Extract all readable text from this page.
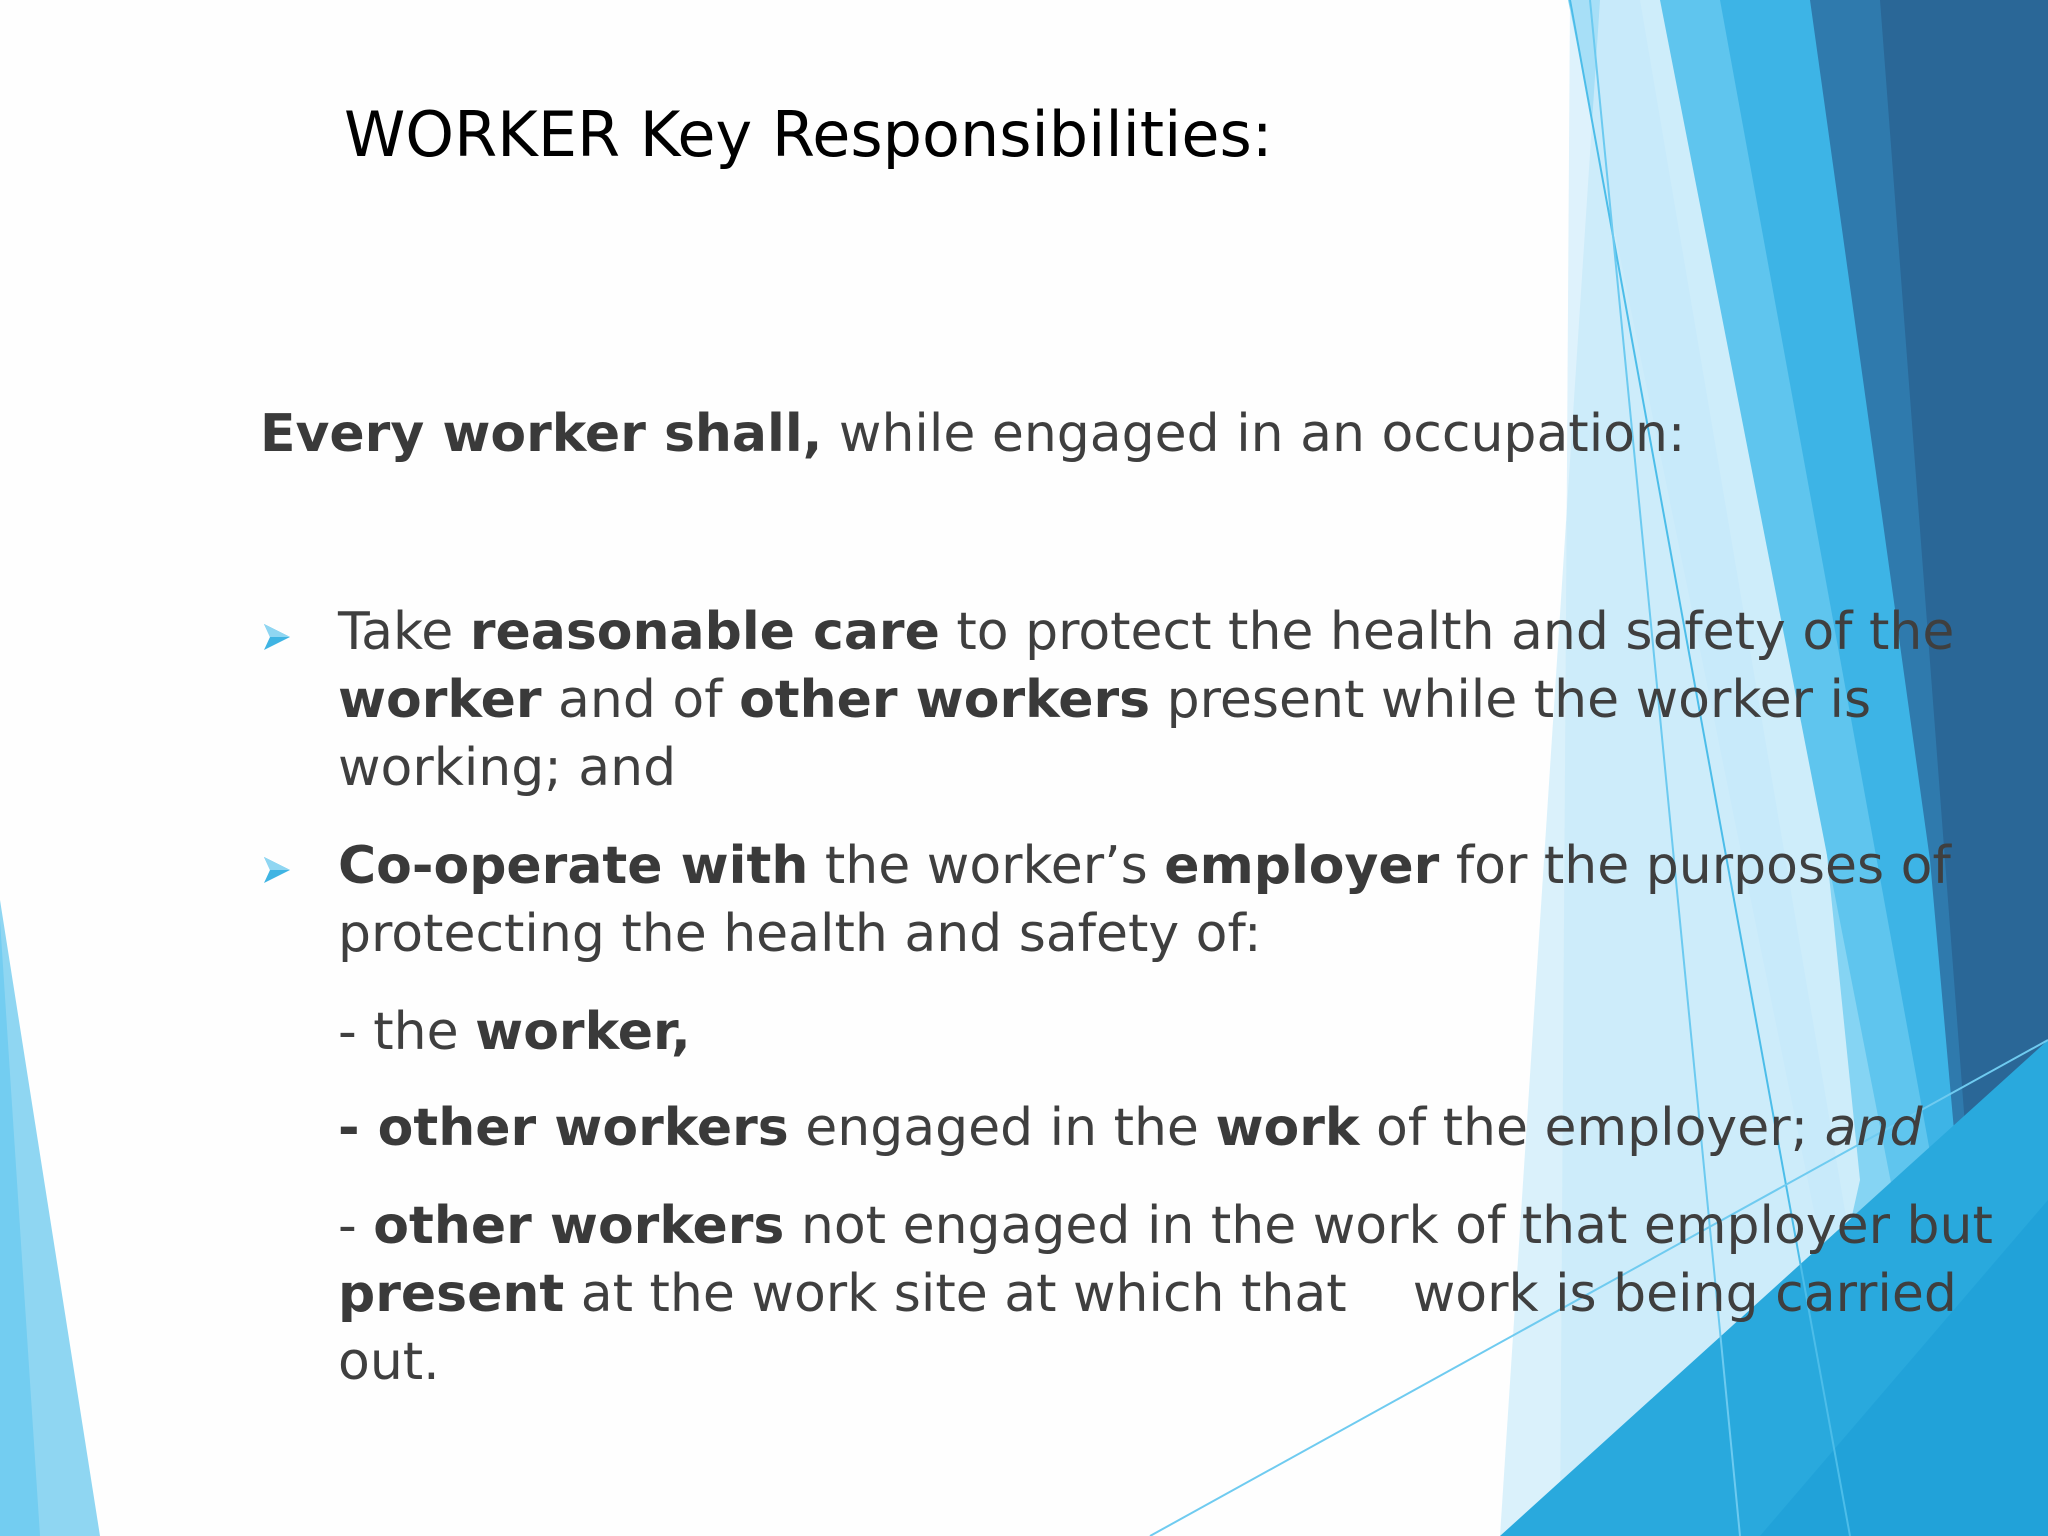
WORKER Key Responsibilities:
Every worker shall, while engaged in an occupation:
Take reasonable care to protect the health and safety of the
worker and of other workers present while the worker is
working; and
Co-operate with the worker’s employer for the purposes of
protecting the health and safety of:
- the worker,
- other workers engaged in the work of the employer; and
- other workers not engaged in the work of that employer but
present at the work site at which that    work is being carried
out.
